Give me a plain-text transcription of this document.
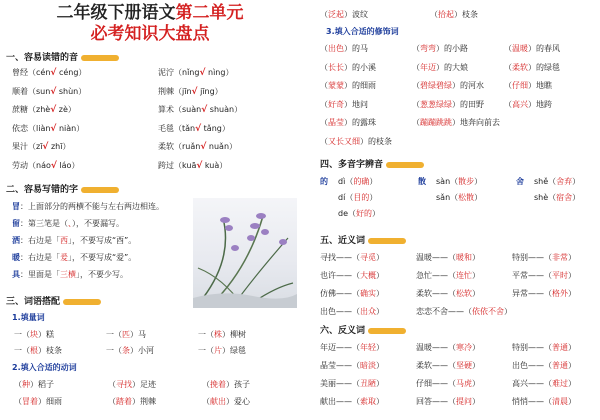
二年级下册语文第二单元
必考知识大盘点
一、容易读错的音
曾经（cén√ céng）	泥泞（nǐng√ nìng）
顺着（sun√ shùn）	荆棘（jīn√ jīng）
蔗糖（zhè√ zè）	算术（suàn√ shuàn）
依恋（liàn√ niàn）	毛毯（tǎn√ tǎng）
果汁（zī√ zhī）	柔软（ruǎn√ nuǎn）
劳动（náo√ láo）	跨过（kuā√ kuà）
二、容易写错的字
冒：上面部分的两横不能与左右两边相连。
留：第三笔是（、），不要漏写。
洒：右边是「西」，不要写成“酉”。
暖：右边是「爰」，不要写成“爱”。
具：里面是「三横」，不要少写。
三、词语搭配
1.填量词
一（块）糕	一（匹）马	一（株）柳树
一（根）枝条	一（条）小河	一（片）绿毯
2.填入合适的动词
（种）稻子	（寻找）足迹	（挽着）孩子
（冒着）细雨	（踏着）荆棘	（献出）爱心
（泛起）波纹	（拾起）枝条
3.填入合适的修饰词
（出色）的马	（弯弯）的小路	（温暖）的春风
（长长）的小溪	（年迈）的大娘	（柔软）的绿毯
（蒙蒙）的细雨	（碧绿碧绿）的河水	（仔细）地瞧
（好奇）地问	（葱葱绿绿）的田野	（高兴）地跨
（晶莹）的露珠	（蹦蹦跳跳）地奔向前去
（又长又细）的枝条
四、多音字辨音
的 dì（的确）
dí（目的）
de（好的）
散 sàn（散步）
sǎn（松散）
舍 shě（舍弃）
shè（宿舍）
五、近义词
寻找——（寻觅）	温暖——（暖和）	特别——（非常）
也许——（大概）	急忙——（连忙）	平常——（平时）
仿佛——（确实）	柔软——（松软）	异常——（格外）
出色——（出众）	恋恋不舍——（依依不舍）
六、反义词
年迈——（年轻）	温暖——（寒冷）	特别——（普通）
晶莹——（暗淡）	柔软——（坚硬）	出色——（普通）
美丽——（丑陋）	仔细——（马虎）	高兴——（难过）
献出——（索取）	回答——（提问）	悄悄——（清晨）
